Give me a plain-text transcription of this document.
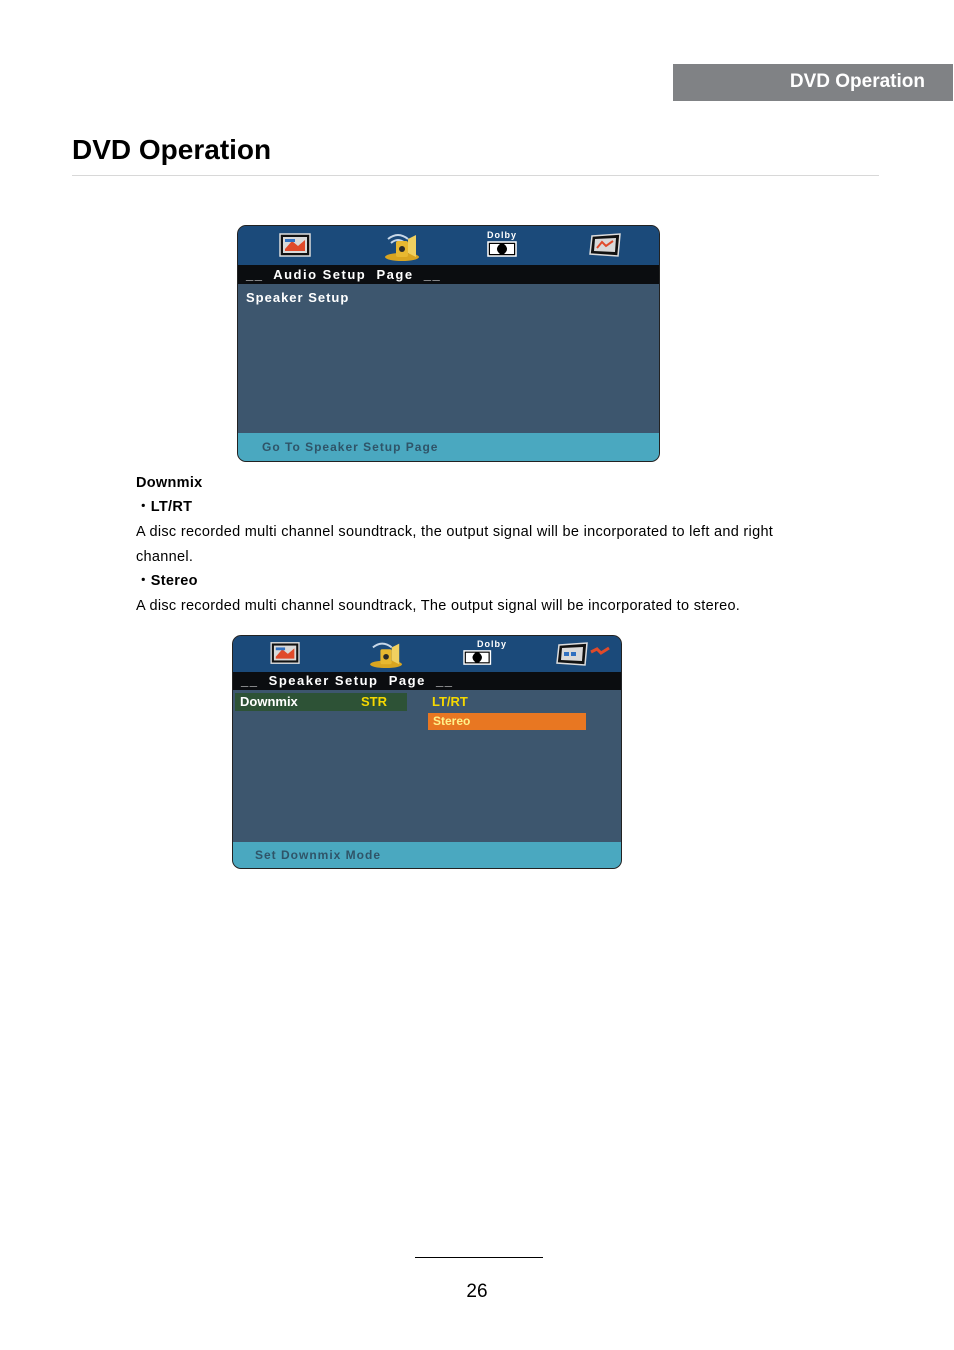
DVD Operation
DVD Operation
Dolby
__  Audio Setup  Page  __
Speaker Setup
Go To Speaker Setup Page

Downmix

・LT/RT

A disc recorded multi channel soundtrack, the output signal will be incorporated to left and right

channel.

・Stereo

A disc recorded multi channel soundtrack, The output signal will be incorporated to stereo.

Dolby
__  Speaker Setup  Page  __
Downmix	STR	LT/RT
Stereo
Set Downmix Mode
26
